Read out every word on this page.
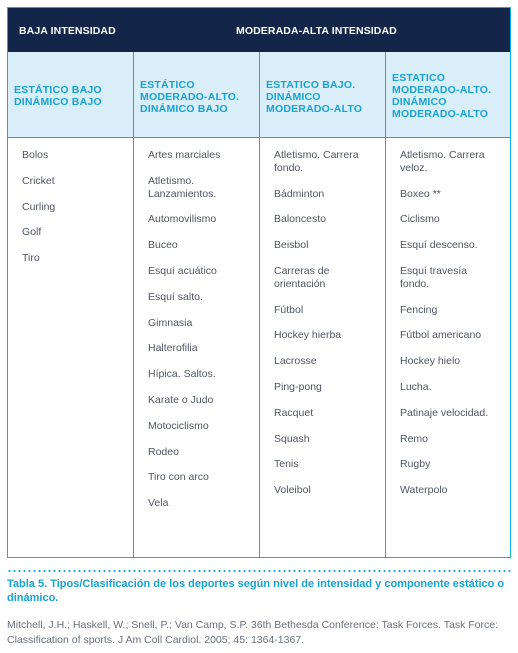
BAJA INTENSIDAD	MODERADA-ALTA INTENSIDAD
ESTÁTICO BAJO
DINÁMICO BAJO
ESTÁTICO
MODERADO-ALTO.
DINÁMICO BAJO
ESTATICO BAJO.
DINÁMICO
MODERADO-ALTO
ESTATICO
MODERADO-ALTO.
DINÁMICO
MODERADO-ALTO
Bolos
Cricket
Curling
Golf
Tiro
Artes marciales
Atletismo.
Lanzamientos.
Automovilismo
Buceo
Esquí acuático
Esquí salto.
Gimnasia
Halterofilia
Hípica. Saltos.
Karate o Judo
Motociclismo
Rodeo
Tiro con arco
Vela
Atletismo. Carrera
fondo.
Bádminton
Baloncesto
Beisbol
Carreras de
orientación
Fútbol
Hockey hierba
Lacrosse
Ping-pong
Racquet
Squash
Tenis
Voleibol
Atletismo. Carrera
veloz.
Boxeo **
Ciclismo
Esquí descenso.
Esquí travesía
fondo.
Fencing
Fútbol americano
Hockey hielo
Lucha.
Patinaje velocidad.
Remo
Rugby
Waterpolo
Tabla 5. Tipos/Clasificación de los deportes según nivel de intensidad y componente estático o dinámico.
Mitchell, J.H.; Haskell, W.; Snell, P.; Van Camp, S.P. 36th Bethesda Conference: Task Forces. Task Force: Classification of sports. J Am Coll Cardiol. 2005; 45: 1364-1367.
